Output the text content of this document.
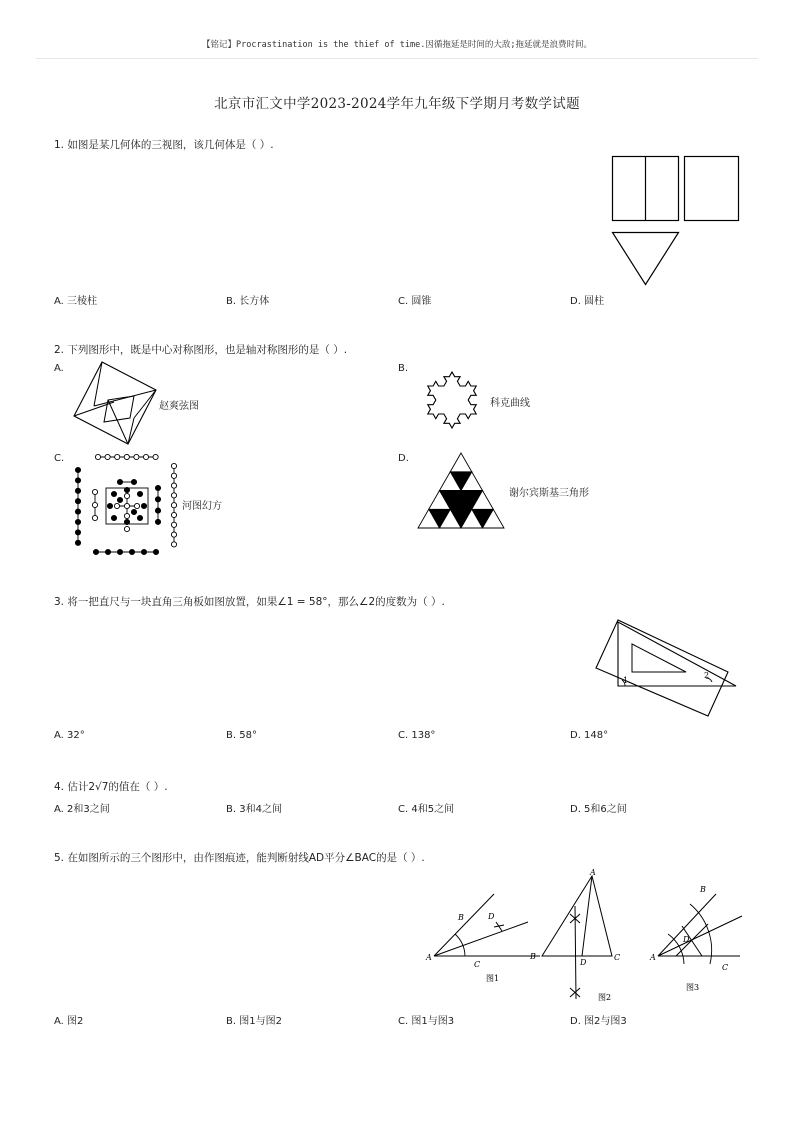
【铭记】Procrastination is the thief of time.因循拖延是时间的大敌;拖延就是浪费时间。
北京市汇文中学2023-2024学年九年级下学期月考数学试题
1. 如图是某几何体的三视图，该几何体是（ ）.
A. 三棱柱	B. 长方体	C. 圆锥	D. 圆柱
2. 下列图形中，既是中心对称图形，也是轴对称图形的是（ ）.
A.
赵爽弦图
B.
科克曲线
C.
河图幻方
D.
谢尔宾斯基三角形
3. 将一把直尺与一块直角三角板如图放置，如果∠1 = 58°，那么∠2的度数为（ ）.
1
2
A. 32°	B. 58°	C. 138°	D. 148°
4. 估计2√7的值在（ ）.
A. 2和3之间	B. 3和4之间	C. 4和5之间	D. 5和6之间
5. 在如图所示的三个图形中，由作图痕迹，能判断射线AD平分∠BAC的是（ ）.
A
B
C
D
图1
A
B
D
C
图2
A
B
D
C
图3
A. 图2	B. 图1与图2	C. 图1与图3	D. 图2与图3
